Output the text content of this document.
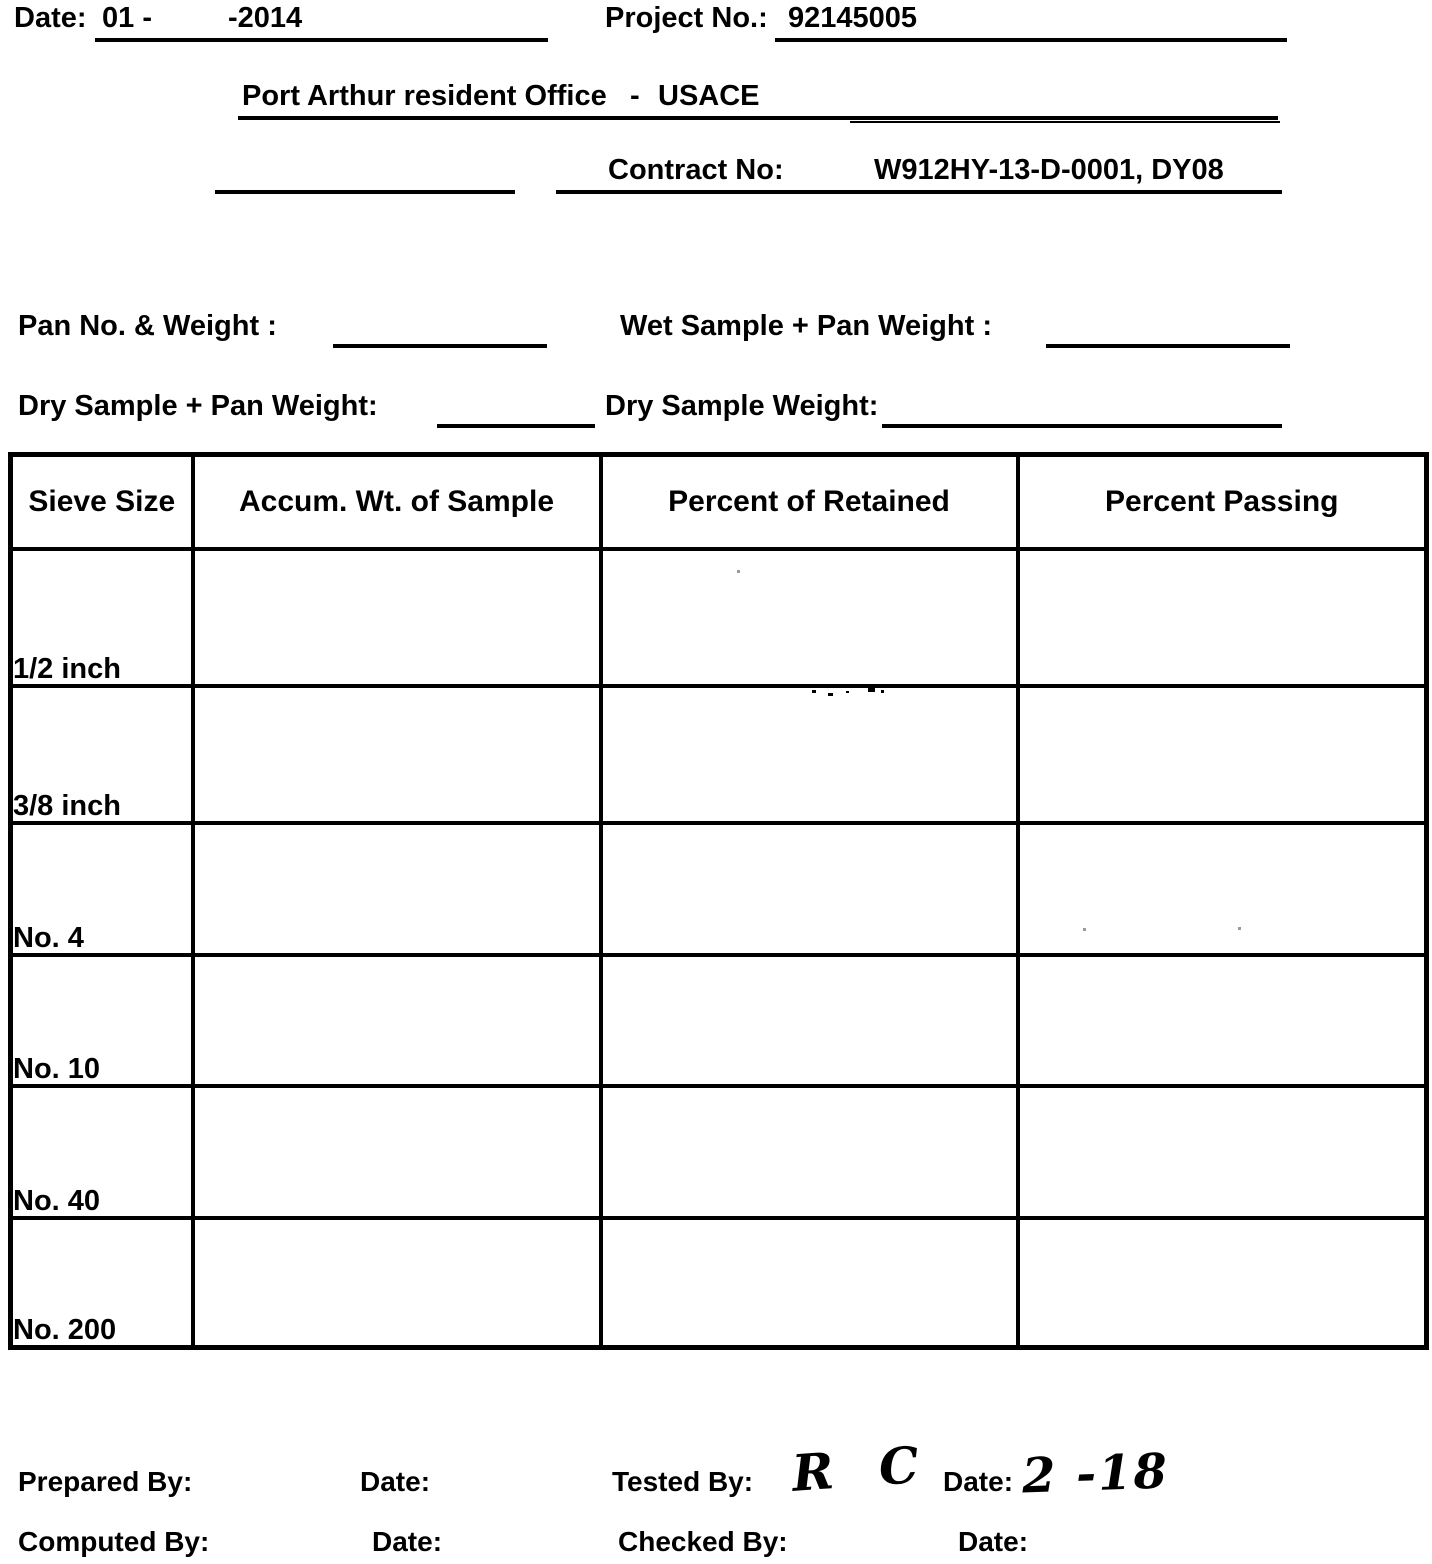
Date: 01 -	-2014	Project No.: 92145005
Port Arthur resident Office - USACE
Contract No:	W912HY-13-D-0001, DY08
Pan No. & Weight :	Wet Sample + Pan Weight :
Dry Sample + Pan Weight:	Dry Sample Weight:
Sieve Size	Accum. Wt. of Sample	Percent of Retained	Percent Passing
1/2 inch			
3/8 inch			
No. 4			
No. 10			
No. 40			
No. 200			
Prepared By:	Date:	Tested By: R C Date: 2 -18
Computed By:	Date:	Checked By:	Date:
